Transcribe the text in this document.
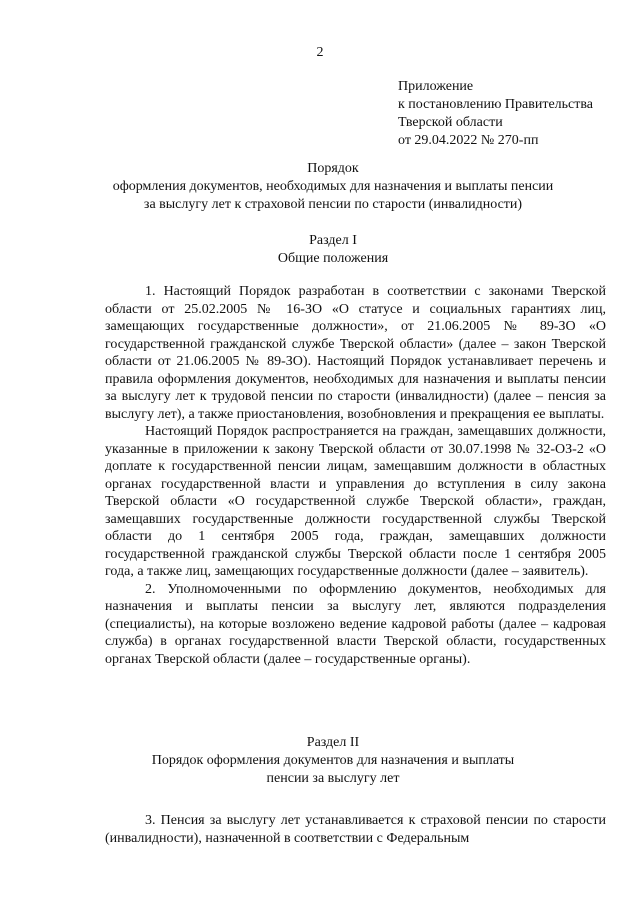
2
Приложение
к постановлению Правительства
Тверской области
от 29.04.2022 № 270-пп
Порядок
оформления документов, необходимых для назначения и выплаты пенсии
за выслугу лет к страховой пенсии по старости (инвалидности)
Раздел I
Общие положения

1. Настоящий Порядок разработан в соответствии с законами Тверской области от 25.02.2005 № 16-ЗО «О статусе и социальных гарантиях лиц, замещающих государственные должности», от 21.06.2005 № 89-ЗО «О государственной гражданской службе Тверской области» (далее – закон Тверской области от 21.06.2005 № 89-ЗО). Настоящий Порядок устанавливает перечень и правила оформления документов, необходимых для назначения и выплаты пенсии за выслугу лет к трудовой пенсии по старости (инвалидности) (далее – пенсия за выслугу лет), а также приостановления, возобновления и прекращения ее выплаты.

Настоящий Порядок распространяется на граждан, замещавших должности, указанные в приложении к закону Тверской области от 30.07.1998 № 32-ОЗ-2 «О доплате к государственной пенсии лицам, замещавшим должности в областных органах государственной власти и управления до вступления в силу закона Тверской области «О государственной службе Тверской области», граждан, замещавших государственные должности государственной службы Тверской области до 1 сентября 2005 года, граждан, замещавших должности государственной гражданской службы Тверской области после 1 сентября 2005 года, а также лиц, замещающих государственные должности (далее – заявитель).

2. Уполномоченными по оформлению документов, необходимых для назначения и выплаты пенсии за выслугу лет, являются подразделения (специалисты), на которые возложено ведение кадровой работы (далее – кадровая служба) в органах государственной власти Тверской области, государственных органах Тверской области (далее – государственные органы).

Раздел II
Порядок оформления документов для назначения и выплаты
пенсии за выслугу лет

3. Пенсия за выслугу лет устанавливается к страховой пенсии по старости (инвалидности), назначенной в соответствии с Федеральным
